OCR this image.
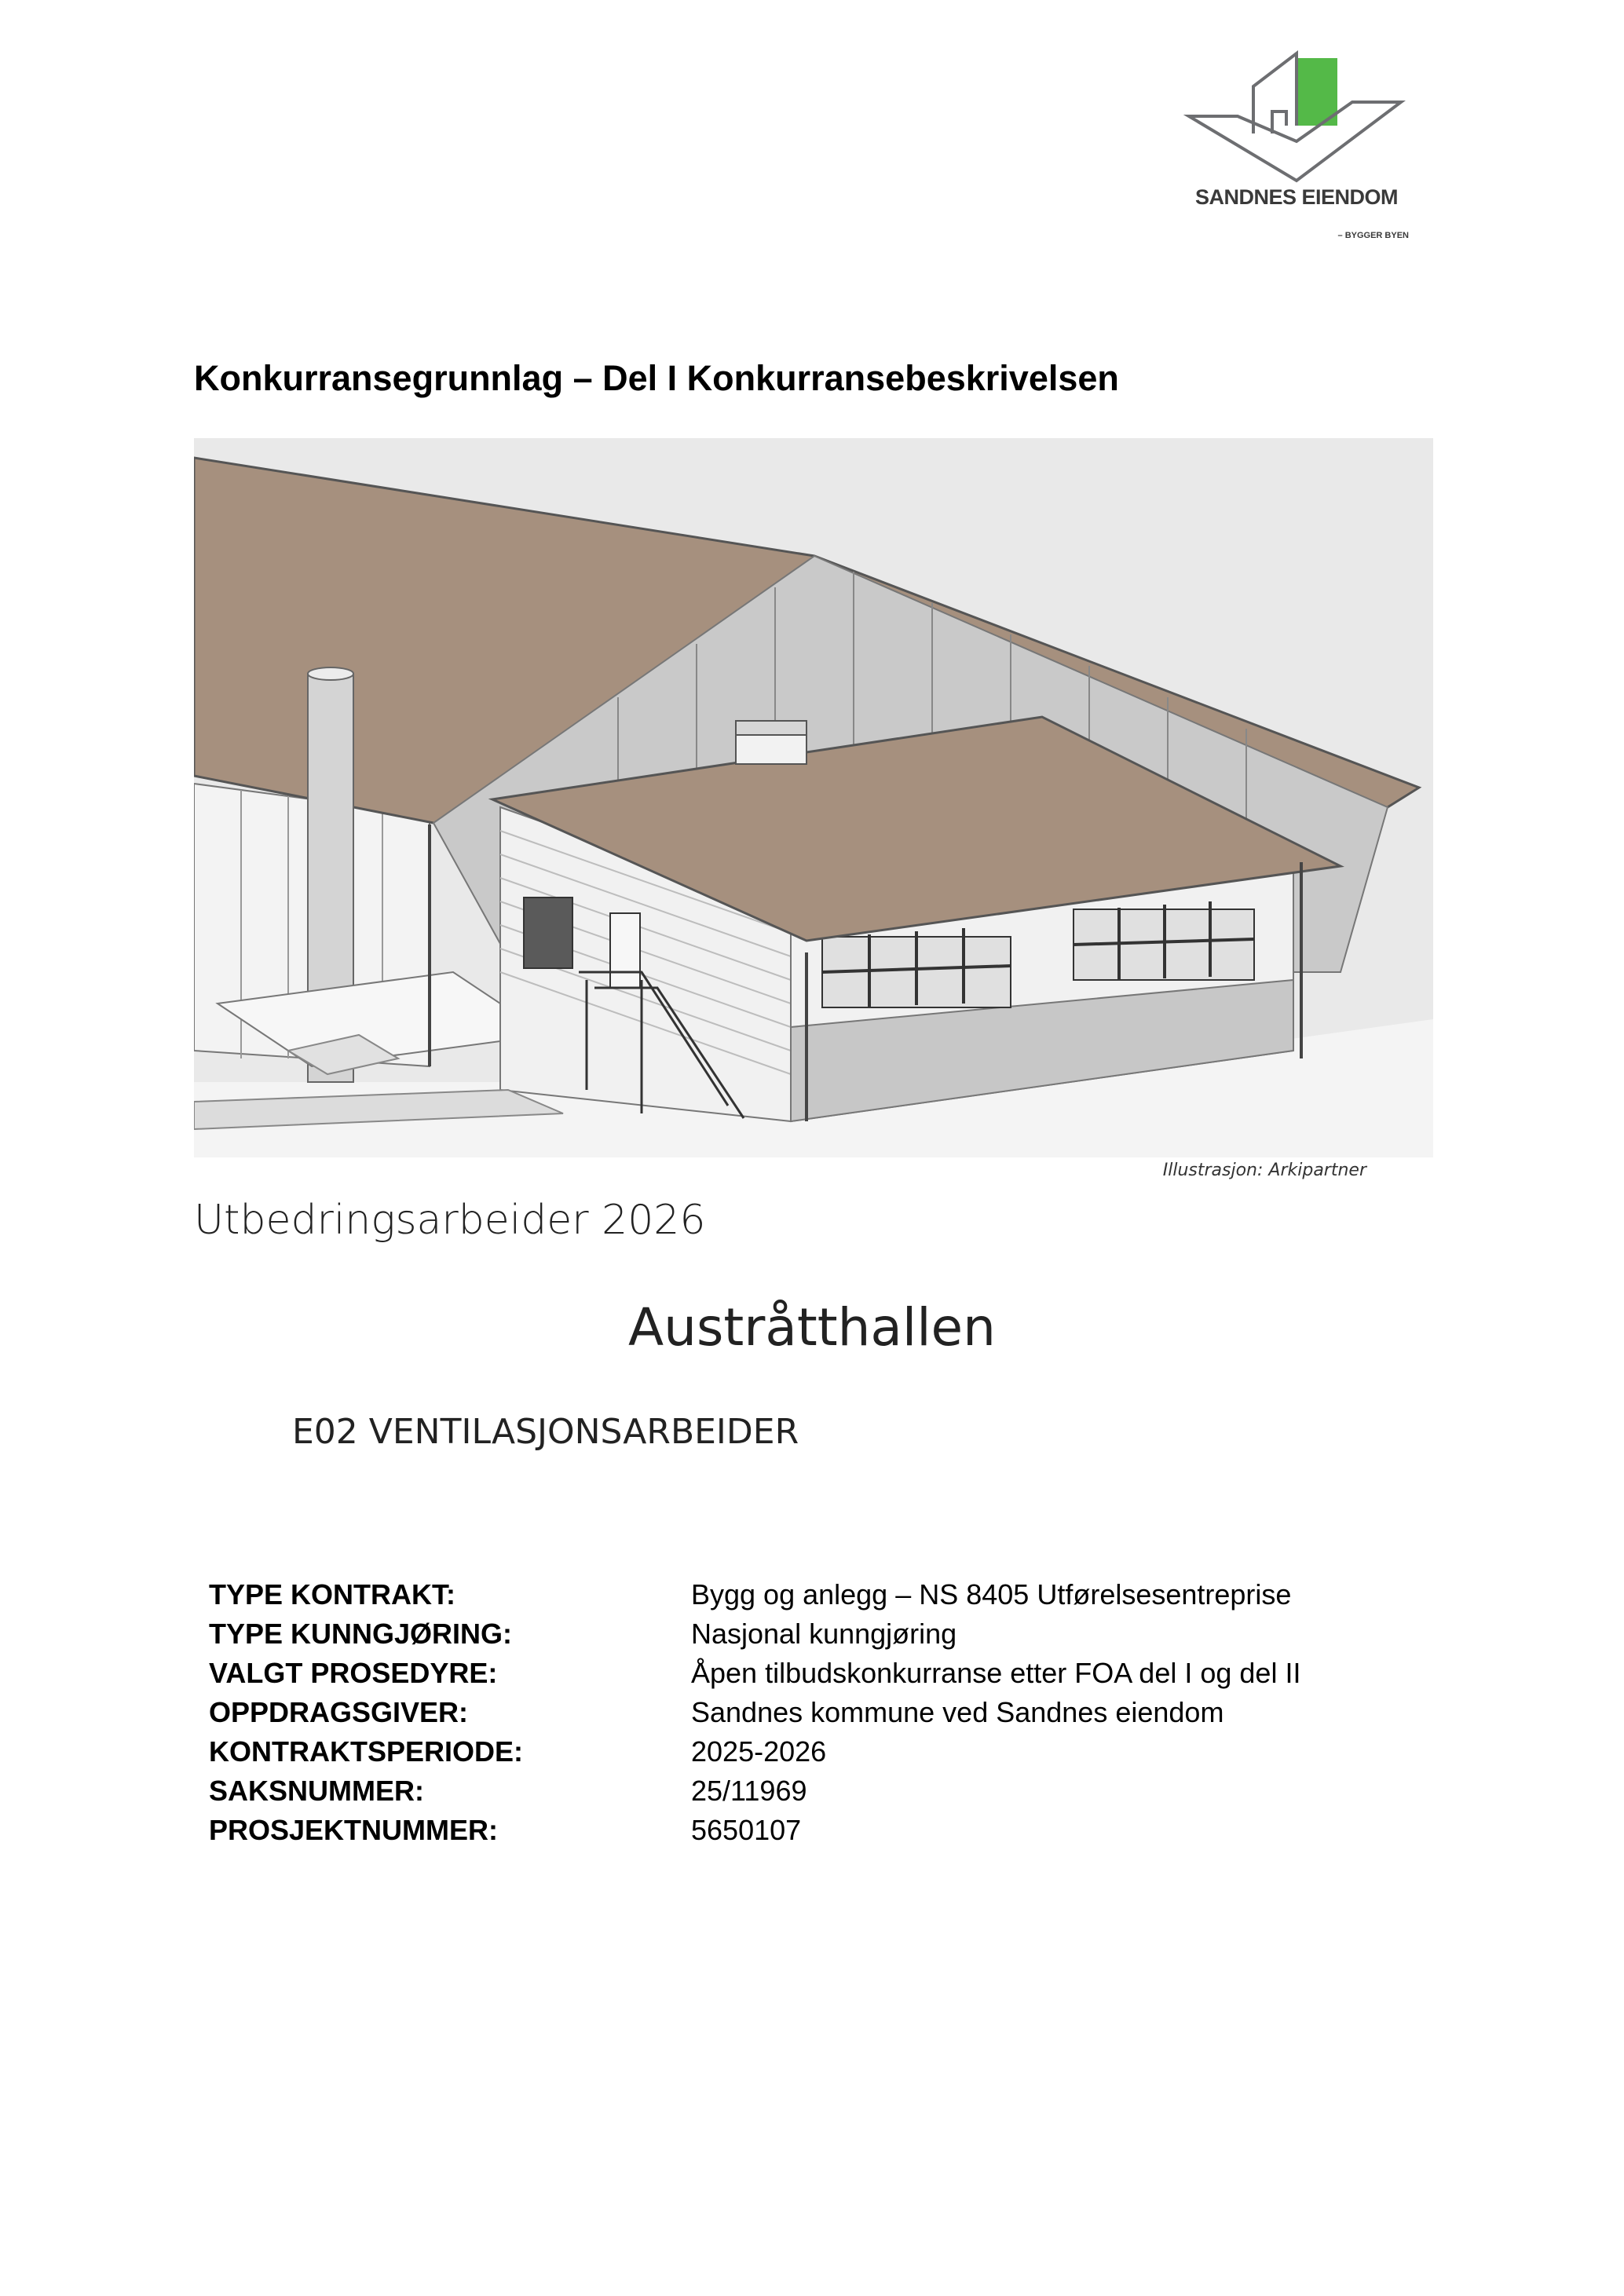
SANDNES EIENDOM
– BYGGER BYEN
Konkurransegrunnlag – Del I Konkurransebeskrivelsen
Illustrasjon: Arkipartner
Utbedringsarbeider 2026
Austråtthallen
E02 VENTILASJONSARBEIDER
TYPE KONTRAKT:	Bygg og anlegg – NS 8405 Utførelsesentreprise
TYPE KUNNGJØRING:	Nasjonal kunngjøring
VALGT PROSEDYRE:	Åpen tilbudskonkurranse etter FOA del I og del II
OPPDRAGSGIVER:	Sandnes kommune ved Sandnes eiendom
KONTRAKTSPERIODE:	2025-2026
SAKSNUMMER:	25/11969
PROSJEKTNUMMER:	5650107
